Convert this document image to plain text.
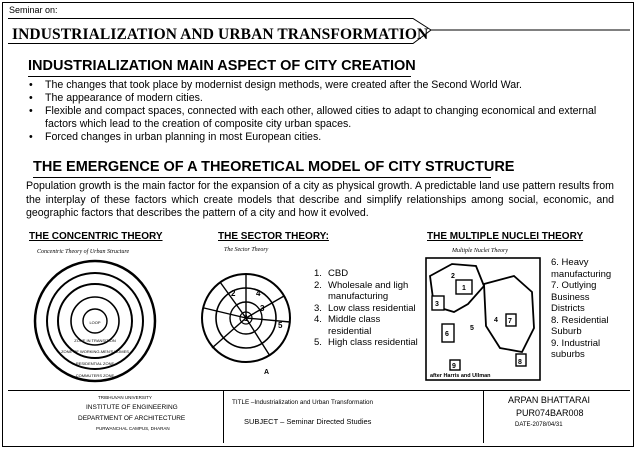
Seminar on:
INDUSTRIALIZATION AND URBAN TRANSFORMATION
INDUSTRIALIZATION MAIN ASPECT OF CITY CREATION
• The changes that took place by modernist design methods, were created after the Second World War.
• The appearance of modern cities.
• Flexible and compact spaces, connected with each other, allowed cities to adapt to changing economical and external factors which lead to the creation of composite city urban spaces.
• Forced changes in urban planning in most European cities.
THE EMERGENCE OF A THEORETICAL MODEL OF CITY STRUCTURE
Population growth is the main factor for the expansion of a city as physical growth. A predictable land use pattern results from the interplay of these factors which create models that describe and simplify relationships among social, economic, and geographic factors that describes the pattern of a city and how it evolved.
THE CONCENTRIC THEORY	THE SECTOR THEORY:	THE MULTIPLE NUCLEI THEORY
Concentric Theory of Urban Structure
LOOP
ZONE IN TRANSITION
ZONE OF WORKING-MEN'S HOMES
RESIDENTIAL ZONE
COMMUTERS ZONE
The Sector Theory
1
2
3
4
5
A
1. CBD
2. Wholesale and ligh manufacturing
3. Low class residential
4. Middle class residential
5. High class residential
Multiple Nuclei Theory
1
2
3
4
5
6
7
8
9
after Harris and Ullman
6. Heavy manufacturing
7. Outlying Business Districts
8. Residential Suburb
9. Industrial suburbs
TRIBHUVAN UNIVERSITY
INSTITUTE OF ENGINEERING
DEPARTMENT OF ARCHITECTURE
PURWANCHAL CAMPUS, DHARAN
TITLE –Industrialization and Urban Transformation
SUBJECT – Seminar Directed Studies
ARPAN BHATTARAI
PUR074BAR008
DATE-2078/04/31
